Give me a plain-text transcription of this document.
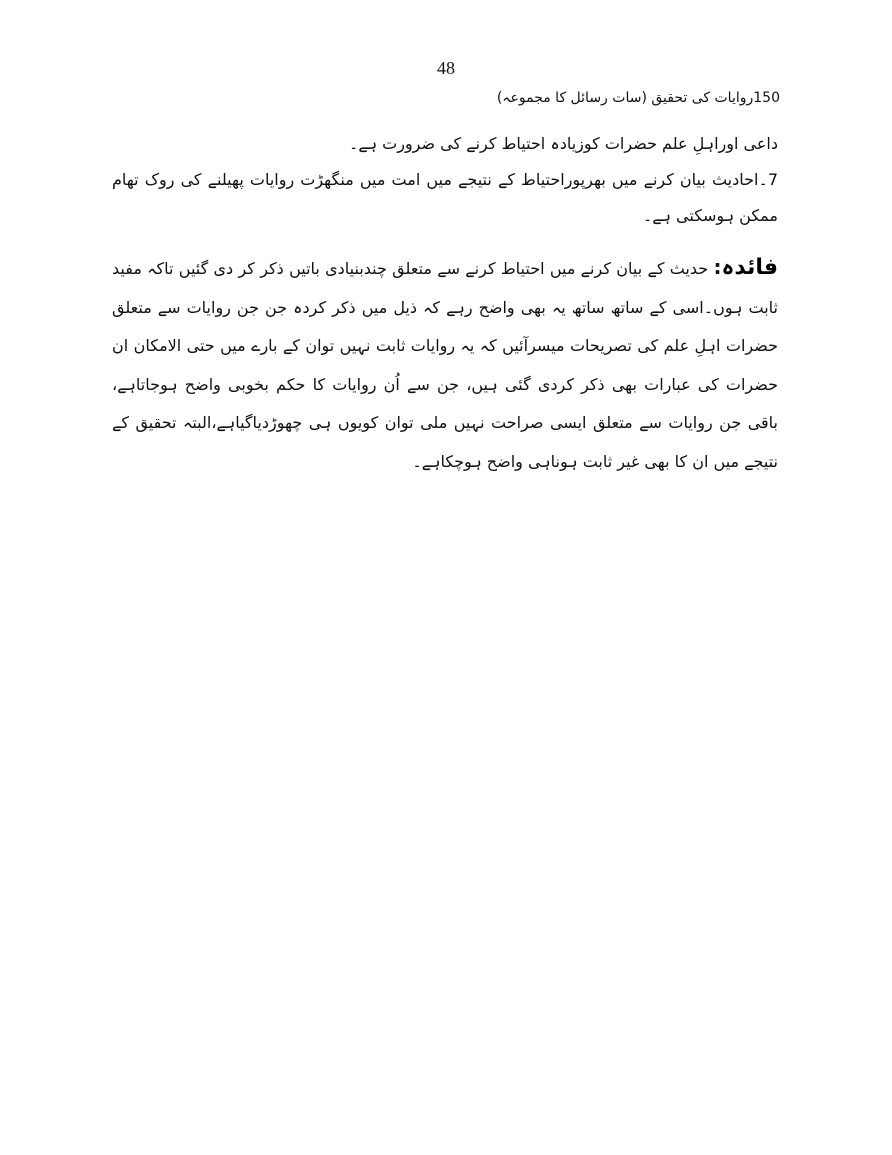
48
150روایات کی تحقیق (سات رسائل کا مجموعہ)

داعی اوراہلِ علم حضرات کوزیادہ احتیاط کرنے کی ضرورت ہے۔

7۔احادیث بیان کرنے میں بھرپوراحتیاط کے نتیجے میں امت میں منگھڑت روایات پھیلنے کی روک تھام ممکن ہوسکتی ہے۔

فائدہ: حدیث کے بیان کرنے میں احتیاط کرنے سے متعلق چندبنیادی باتیں ذکر کر دی گئیں تاکہ مفید ثابت ہوں۔اسی کے ساتھ ساتھ یہ بھی واضح رہے کہ ذیل میں ذکر کردہ جن جن روایات سے متعلق حضرات اہلِ علم کی تصریحات میسرآئیں کہ یہ روایات ثابت نہیں توان کے بارے میں حتی الامکان ان حضرات کی عبارات بھی ذکر کردی گئی ہیں، جن سے اُن روایات کا حکم بخوبی واضح ہوجاتاہے، باقی جن روایات سے متعلق ایسی صراحت نہیں ملی توان کویوں ہی چھوڑدیاگیاہے،البتہ تحقیق کے نتیجے میں ان کا بھی غیر ثابت ہوناہی واضح ہوچکاہے۔
